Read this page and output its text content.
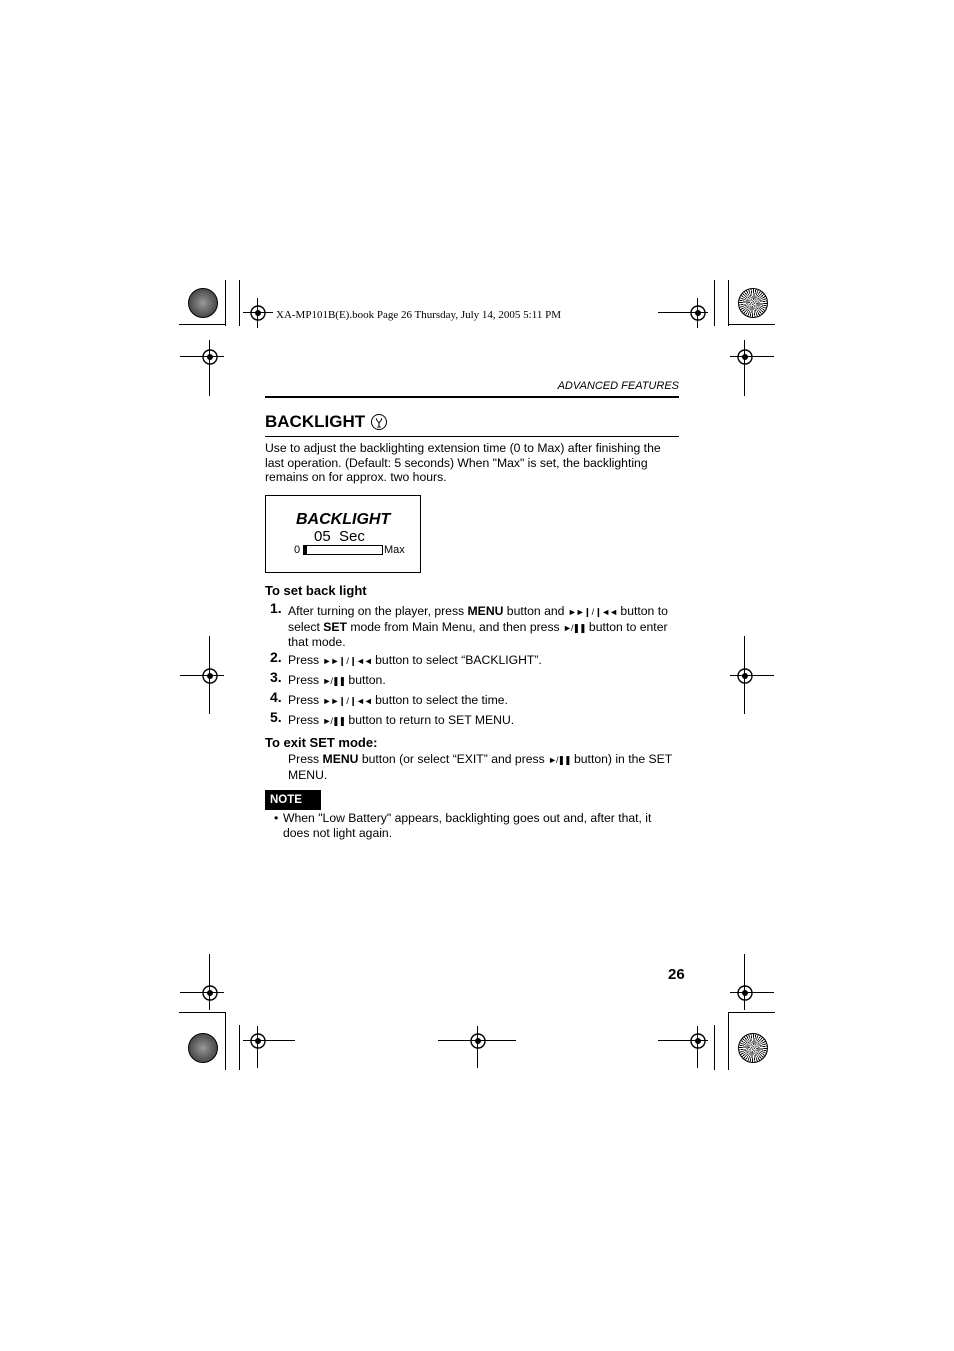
XA-MP101B(E).book Page 26 Thursday, July 14, 2005 5:11 PM
ADVANCED FEATURES
BACKLIGHT
Use to adjust the backlighting extension time (0 to Max) after finishing the last operation. (Default: 5 seconds) When "Max" is set, the backlighting remains on for approx. two hours.
BACKLIGHT
05  Sec
0	Max
To set back light
1. After turning on the player, press MENU button and ►►❙ / ❙◄◄ button to select SET mode from Main Menu, and then press ►/❚❚ button to enter that mode.
2. Press ►►❙ / ❙◄◄ button to select “BACKLIGHT”.
3. Press ►/❚❚ button.
4. Press ►►❙ / ❙◄◄ button to select the time.
5. Press ►/❚❚ button to return to SET MENU.
To exit SET mode:
Press MENU button (or select “EXIT” and press ►/❚❚ button) in the SET MENU.
NOTE
• When "Low Battery" appears, backlighting goes out and, after that, it does not light again.
26
